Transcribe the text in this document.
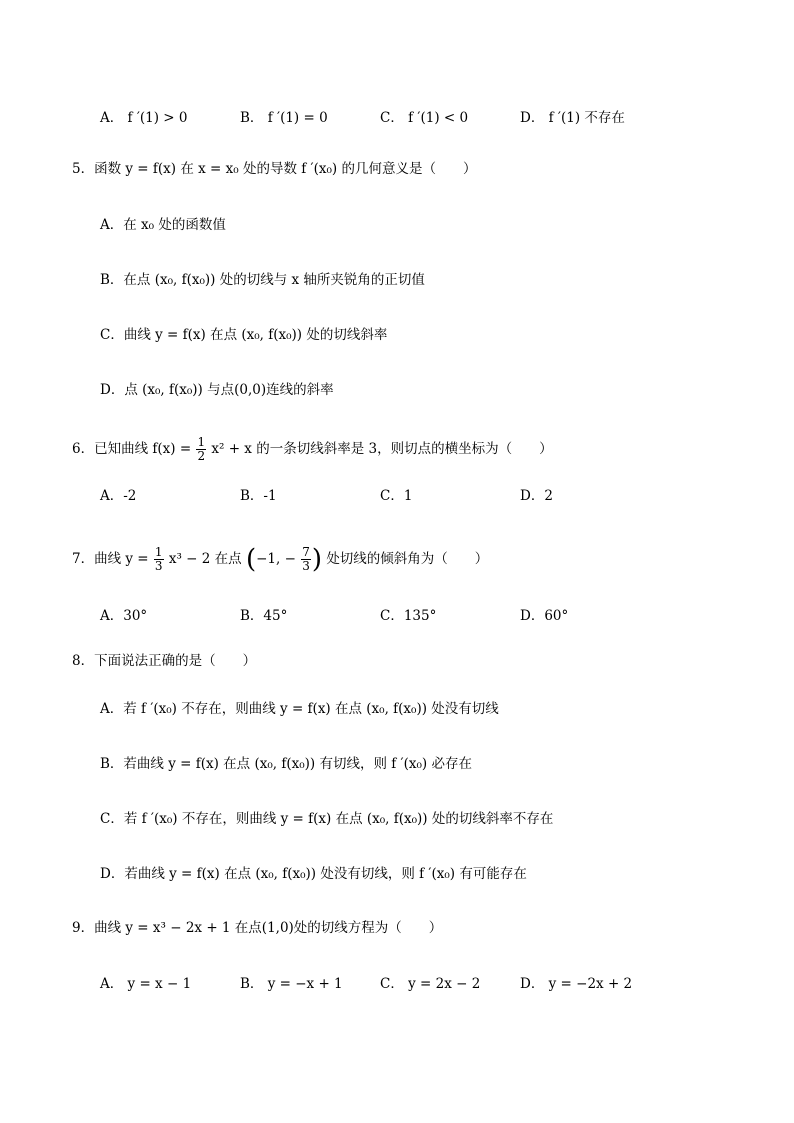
A． f ′(1) > 0	B． f ′(1) = 0	C． f ′(1) < 0	D． f ′(1) 不存在
5．函数 y = f(x) 在 x = x₀ 处的导数 f ′(x₀) 的几何意义是（　　）
A．在 x₀ 处的函数值
B．在点 (x₀, f(x₀)) 处的切线与 x 轴所夹锐角的正切值
C．曲线 y = f(x) 在点 (x₀, f(x₀)) 处的切线斜率
D．点 (x₀, f(x₀)) 与点(0,0)连线的斜率
6．已知曲线 $f(x) = \frac{1}{2} x^2 + x$ 的一条切线斜率是 3，则切点的横坐标为（　　）
A．-2	B．-1	C．1	D．2
7．曲线 $y = \frac{1}{3} x^3 - 2$ 在点 (−1, − $\frac{7}{3}$ ) 处切线的倾斜角为（　　）
A．30°	B．45°	C．135°	D．60°
8．下面说法正确的是（　　）
A．若 f ′(x₀) 不存在，则曲线 y = f(x) 在点 (x₀, f(x₀)) 处没有切线
B．若曲线 y = f(x) 在点 (x₀, f(x₀)) 有切线，则 f ′(x₀) 必存在
C．若 f ′(x₀) 不存在，则曲线 y = f(x) 在点 (x₀, f(x₀)) 处的切线斜率不存在
D．若曲线 y = f(x) 在点 (x₀, f(x₀)) 处没有切线，则 f ′(x₀) 有可能存在
9．曲线 y = x³ − 2x + 1 在点(1,0)处的切线方程为（　　）
A． y = x − 1	B． y = −x + 1	C． y = 2x − 2	D． y = −2x + 2
